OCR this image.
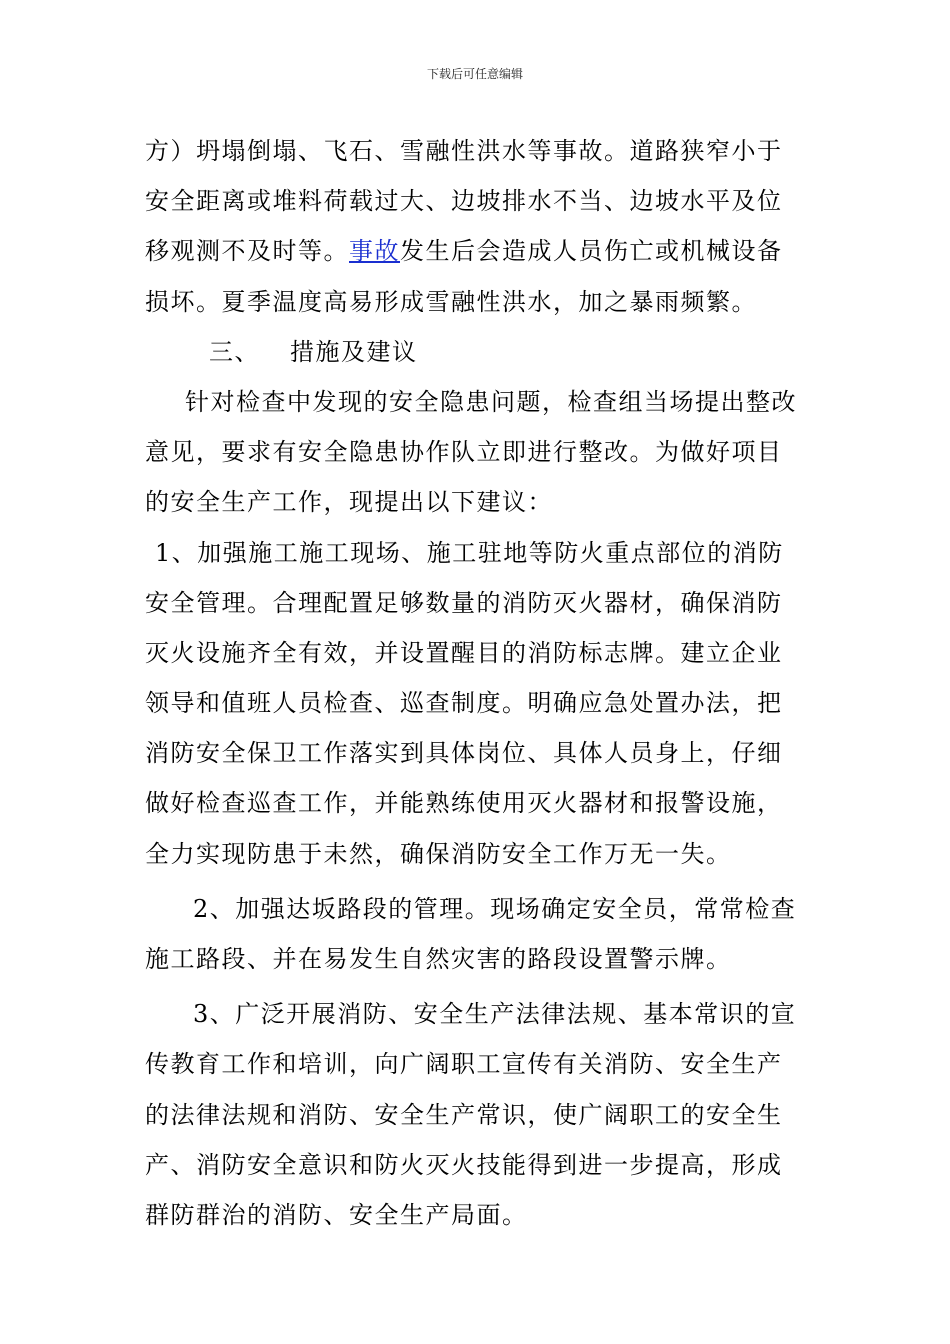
下载后可任意编辑
方）坍塌倒塌、飞石、雪融性洪水等事故。道路狭窄小于
安全距离或堆料荷载过大、边坡排水不当、边坡水平及位
移观测不及时等。事故发生后会造成人员伤亡或机械设备
损坏。夏季温度高易形成雪融性洪水，加之暴雨频繁。
三、 措施及建议
针对检查中发现的安全隐患问题，检查组当场提出整改
意见，要求有安全隐患协作队立即进行整改。为做好项目
的安全生产工作，现提出以下建议：
1、加强施工施工现场、施工驻地等防火重点部位的消防
安全管理。合理配置足够数量的消防灭火器材，确保消防
灭火设施齐全有效，并设置醒目的消防标志牌。建立企业
领导和值班人员检查、巡查制度。明确应急处置办法，把
消防安全保卫工作落实到具体岗位、具体人员身上，仔细
做好检查巡查工作，并能熟练使用灭火器材和报警设施，
全力实现防患于未然，确保消防安全工作万无一失。
2、加强达坂路段的管理。现场确定安全员，常常检查
施工路段、并在易发生自然灾害的路段设置警示牌。
3、广泛开展消防、安全生产法律法规、基本常识的宣
传教育工作和培训，向广阔职工宣传有关消防、安全生产
的法律法规和消防、安全生产常识，使广阔职工的安全生
产、消防安全意识和防火灭火技能得到进一步提高，形成
群防群治的消防、安全生产局面。
